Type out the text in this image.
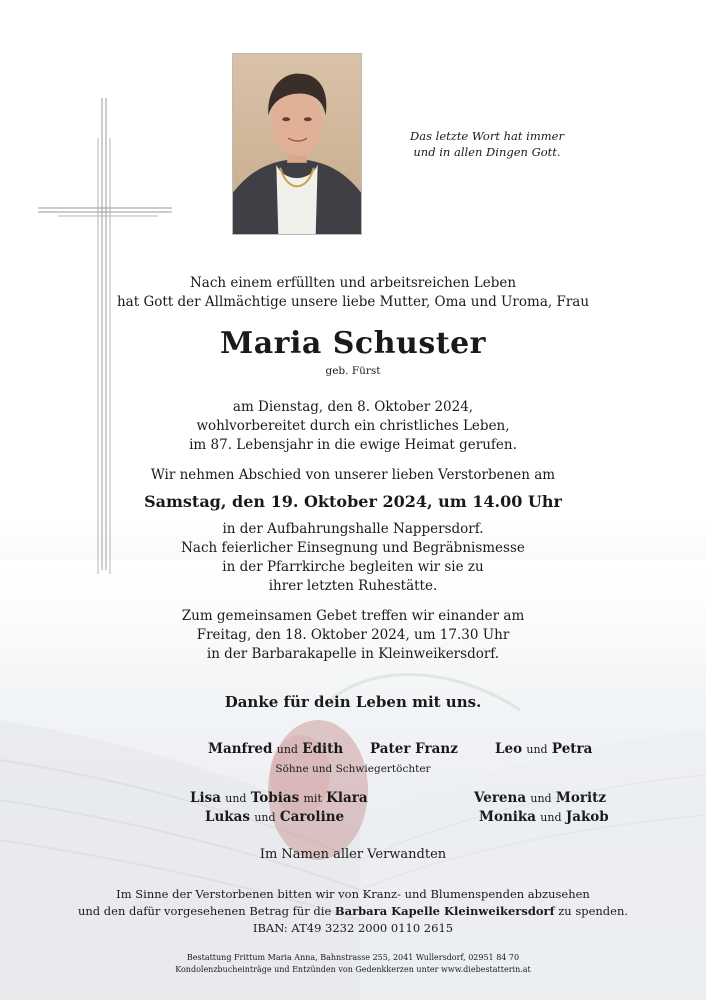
Das letzte Wort hat immer
und in allen Dingen Gott.
Nach einem erfüllten und arbeitsreichen Leben
hat Gott der Allmächtige unsere liebe Mutter, Oma und Uroma, Frau
Maria Schuster
geb. Fürst
am Dienstag, den 8. Oktober 2024,
wohlvorbereitet durch ein christliches Leben,
im 87. Lebensjahr in die ewige Heimat gerufen.
Wir nehmen Abschied von unserer lieben Verstorbenen am
Samstag, den 19. Oktober 2024, um 14.00 Uhr
in der Aufbahrungshalle Nappersdorf.
Nach feierlicher Einsegnung und Begräbnismesse
in der Pfarrkirche begleiten wir sie zu
ihrer letzten Ruhestätte.
Zum gemeinsamen Gebet treffen wir einander am
Freitag, den 18. Oktober 2024, um 17.30 Uhr
in der Barbarakapelle in Kleinweikersdorf.
Danke für dein Leben mit uns.
Manfred und Edith Pater Franz	Leo und Petra
Söhne und Schwiegertöchter
Lisa und Tobias mit Klara
Lukas und Caroline
Verena und Moritz
Monika und Jakob
Im Namen aller Verwandten
Im Sinne der Verstorbenen bitten wir von Kranz- und Blumenspenden abzusehen
und den dafür vorgesehenen Betrag für die Barbara Kapelle Kleinweikersdorf zu spenden.
IBAN: AT49 3232 2000 0110 2615
Bestattung Frittum Maria Anna, Bahnstrasse 255, 2041 Wullersdorf, 02951 84 70
Kondolenzbucheinträge und Entzünden von Gedenkkerzen unter www.diebestatterin.at
